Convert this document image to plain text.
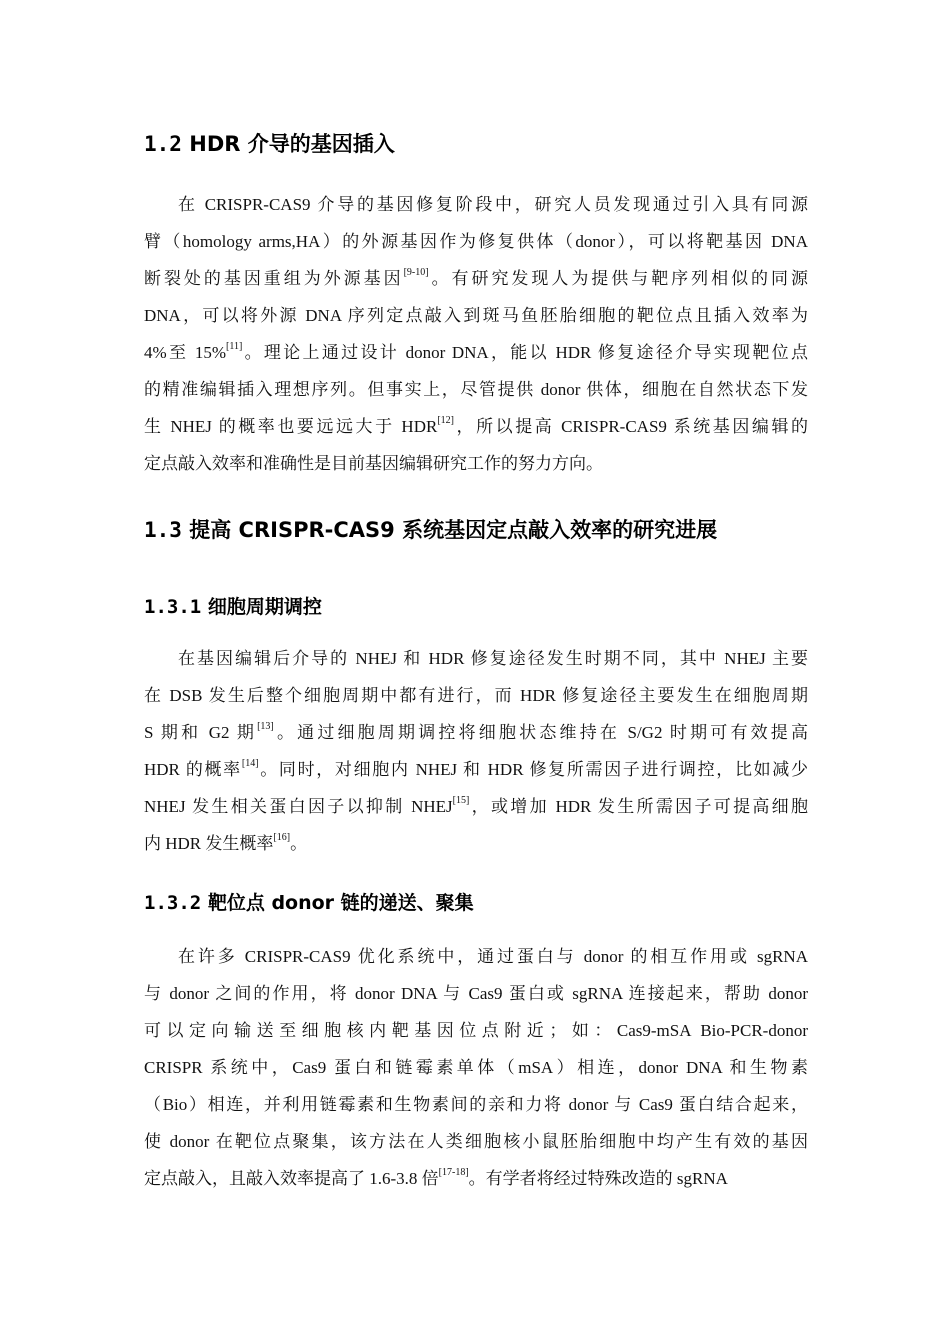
1.2 HDR 介导的基因插入
在 CRISPR-CAS9 介导的基因修复阶段中，研究人员发现通过引入具有同源
臂（homology arms,HA）的外源基因作为修复供体（donor），可以将靶基因 DNA
断裂处的基因重组为外源基因[9-10]。有研究发现人为提供与靶序列相似的同源
DNA，可以将外源 DNA 序列定点敲入到斑马鱼胚胎细胞的靶位点且插入效率为
4%至 15%[11]。理论上通过设计 donor DNA，能以 HDR 修复途径介导实现靶位点
的精准编辑插入理想序列。但事实上，尽管提供 donor 供体，细胞在自然状态下发
生 NHEJ 的概率也要远远大于 HDR[12]，所以提高 CRISPR-CAS9 系统基因编辑的
定点敲入效率和准确性是目前基因编辑研究工作的努力方向。
1.3 提高 CRISPR-CAS9 系统基因定点敲入效率的研究进展
1.3.1 细胞周期调控
在基因编辑后介导的 NHEJ 和 HDR 修复途径发生时期不同，其中 NHEJ 主要
在 DSB 发生后整个细胞周期中都有进行，而 HDR 修复途径主要发生在细胞周期
S 期和 G2 期[13]。通过细胞周期调控将细胞状态维持在 S/G2 时期可有效提高
HDR 的概率[14]。同时，对细胞内 NHEJ 和 HDR 修复所需因子进行调控，比如减少
NHEJ 发生相关蛋白因子以抑制 NHEJ[15]，或增加 HDR 发生所需因子可提高细胞
内 HDR 发生概率[16]。
1.3.2 靶位点 donor 链的递送、聚集
在许多 CRISPR-CAS9 优化系统中，通过蛋白与 donor 的相互作用或 sgRNA
与 donor 之间的作用，将 donor DNA 与 Cas9 蛋白或 sgRNA 连接起来，帮助 donor
可以定向输送至细胞核内靶基因位点附近；如：Cas9-mSA Bio-PCR-donor
CRISPR 系统中，Cas9 蛋白和链霉素单体（mSA）相连，donor DNA 和生物素
（Bio）相连，并利用链霉素和生物素间的亲和力将 donor 与 Cas9 蛋白结合起来，
使 donor 在靶位点聚集，该方法在人类细胞核小鼠胚胎细胞中均产生有效的基因
定点敲入，且敲入效率提高了 1.6-3.8 倍[17-18]。有学者将经过特殊改造的 sgRNA
